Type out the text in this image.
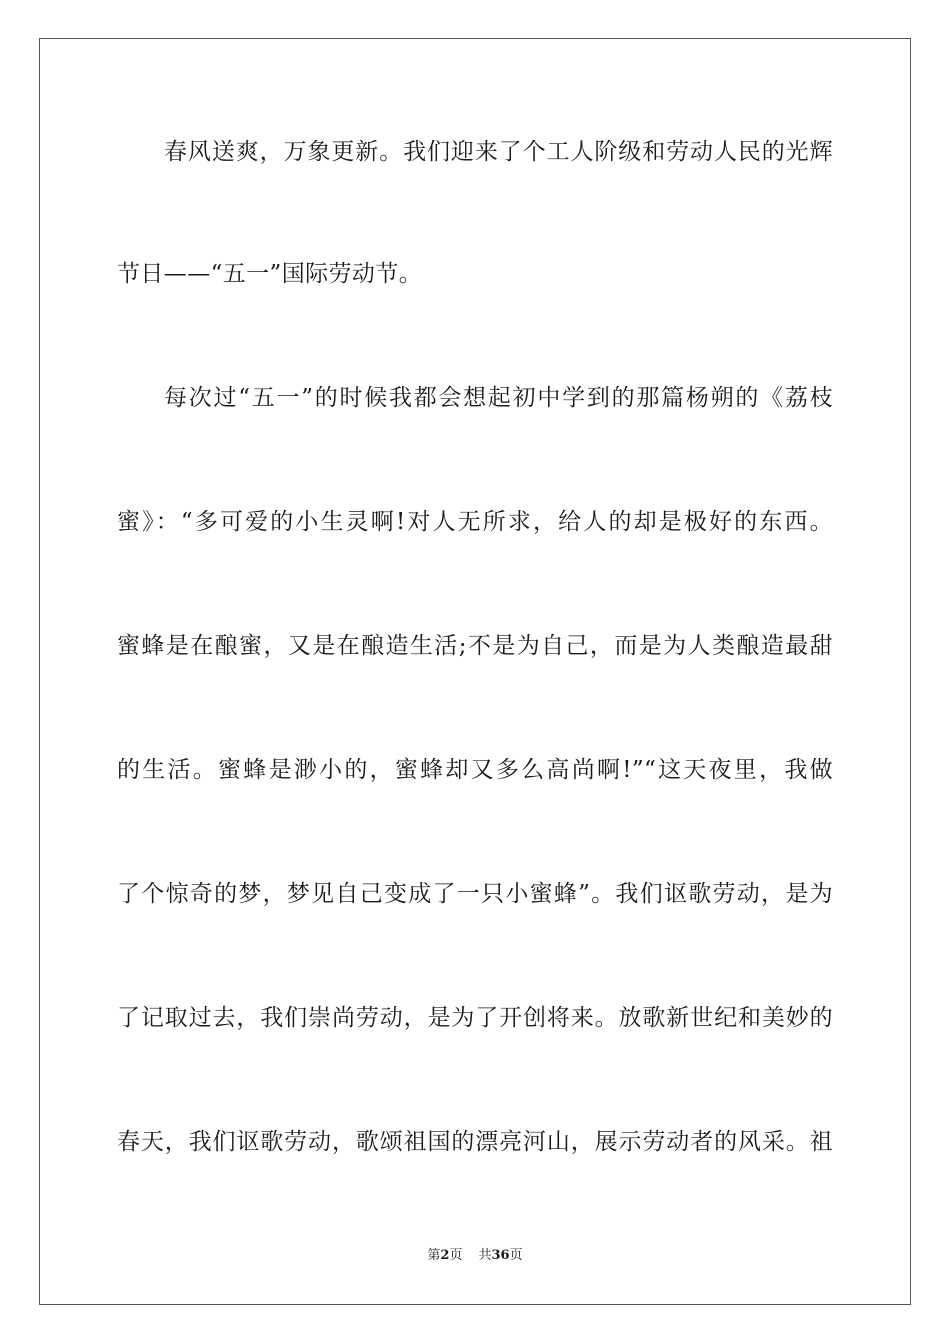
春风送爽，万象更新。我们迎来了个工人阶级和劳动人民的光辉
节日——“五一”国际劳动节。
每次过“五一”的时候我都会想起初中学到的那篇杨朔的《荔枝
蜜》：“多可爱的小生灵啊!对人无所求，给人的却是极好的东西。
蜜蜂是在酿蜜，又是在酿造生活;不是为自己，而是为人类酿造最甜
的生活。蜜蜂是渺小的，蜜蜂却又多么高尚啊!”“这天夜里，我做
了个惊奇的梦，梦见自己变成了一只小蜜蜂”。我们讴歌劳动，是为
了记取过去，我们崇尚劳动，是为了开创将来。放歌新世纪和美妙的
春天，我们讴歌劳动，歌颂祖国的漂亮河山，展示劳动者的风采。祖
第2页 共36页
